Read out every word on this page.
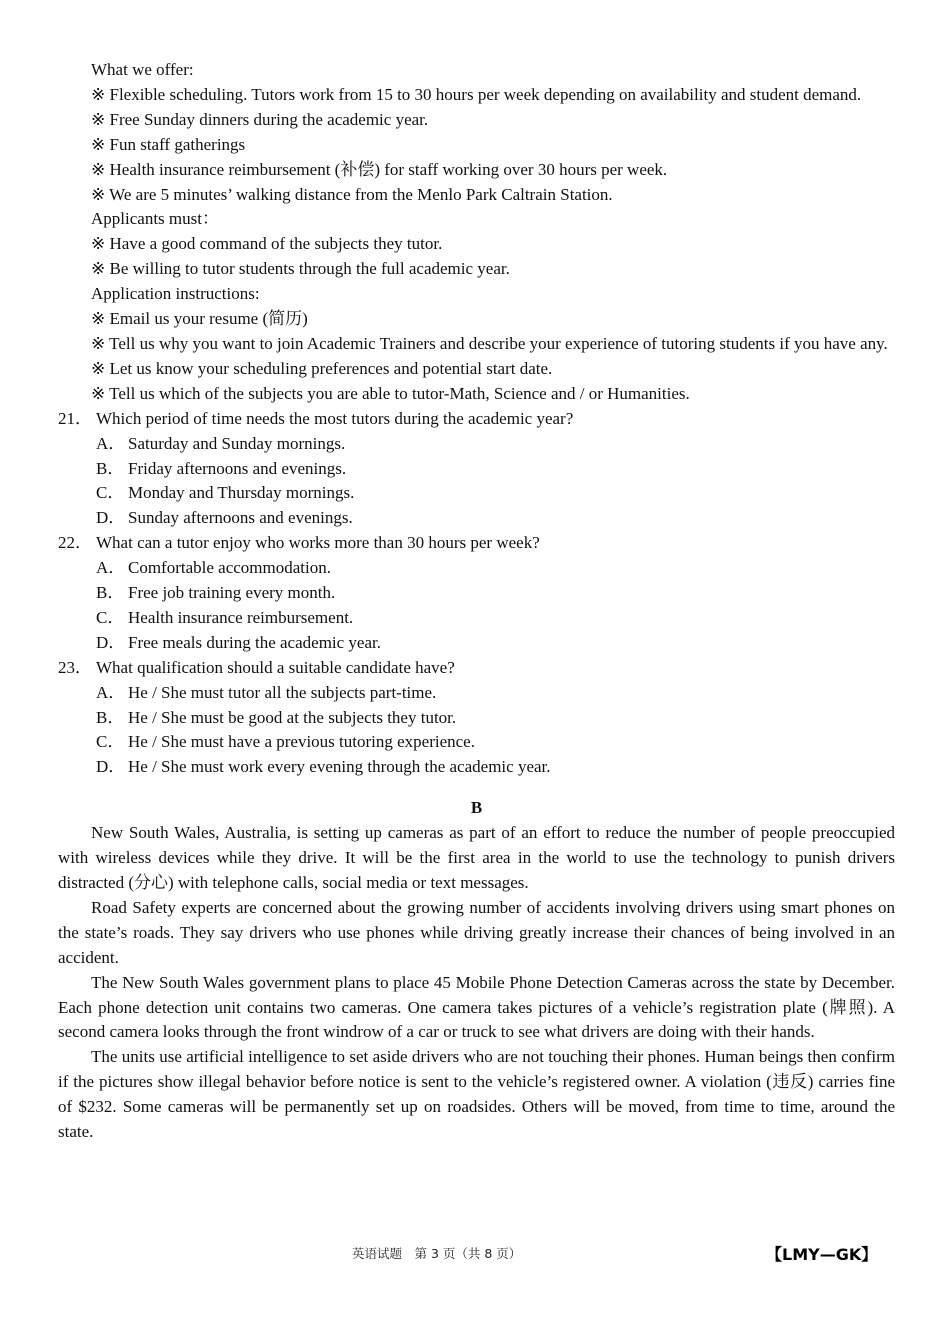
What we offer:

※ Flexible scheduling. Tutors work from 15 to 30 hours per week depending on availability and student demand.

※ Free Sunday dinners during the academic year.

※ Fun staff gatherings

※ Health insurance reimbursement (补偿) for staff working over 30 hours per week.

※ We are 5 minutes’ walking distance from the Menlo Park Caltrain Station.

Applicants must：

※ Have a good command of the subjects they tutor.

※ Be willing to tutor students through the full academic year.

Application instructions:

※ Email us your resume (简历)

※ Tell us why you want to join Academic Trainers and describe your experience of tutoring students if you have any.

※ Let us know your scheduling preferences and potential start date.

※ Tell us which of the subjects you are able to tutor-Math, Science and / or Humanities.

21． Which period of time needs the most tutors during the academic year?

A． Saturday and Sunday mornings.

B． Friday afternoons and evenings.

C． Monday and Thursday mornings.

D． Sunday afternoons and evenings.

22． What can a tutor enjoy who works more than 30 hours per week?

A． Comfortable accommodation.

B． Free job training every month.

C． Health insurance reimbursement.

D． Free meals during the academic year.

23． What qualification should a suitable candidate have?

A． He / She must tutor all the subjects part-time.

B． He / She must be good at the subjects they tutor.

C． He / She must have a previous tutoring experience.

D． He / She must work every evening through the academic year.

B

New South Wales, Australia, is setting up cameras as part of an effort to reduce the number of people preoccupied with wireless devices while they drive. It will be the first area in the world to use the technology to punish drivers distracted (分心) with telephone calls, social media or text messages.

Road Safety experts are concerned about the growing number of accidents involving drivers using smart phones on the state’s roads. They say drivers who use phones while driving greatly increase their chances of being involved in an accident.

The New South Wales government plans to place 45 Mobile Phone Detection Cameras across the state by December. Each phone detection unit contains two cameras. One camera takes pictures of a vehicle’s registration plate (牌照). A second camera looks through the front windrow of a car or truck to see what drivers are doing with their hands.

The units use artificial intelligence to set aside drivers who are not touching their phones. Human beings then confirm if the pictures show illegal behavior before notice is sent to the vehicle’s registered owner. A violation (违反) carries fine of $232. Some cameras will be permanently set up on roadsides. Others will be moved, from time to time, around the state.

英语试题　第 3 页（共 8 页）	【LMY—GK】
